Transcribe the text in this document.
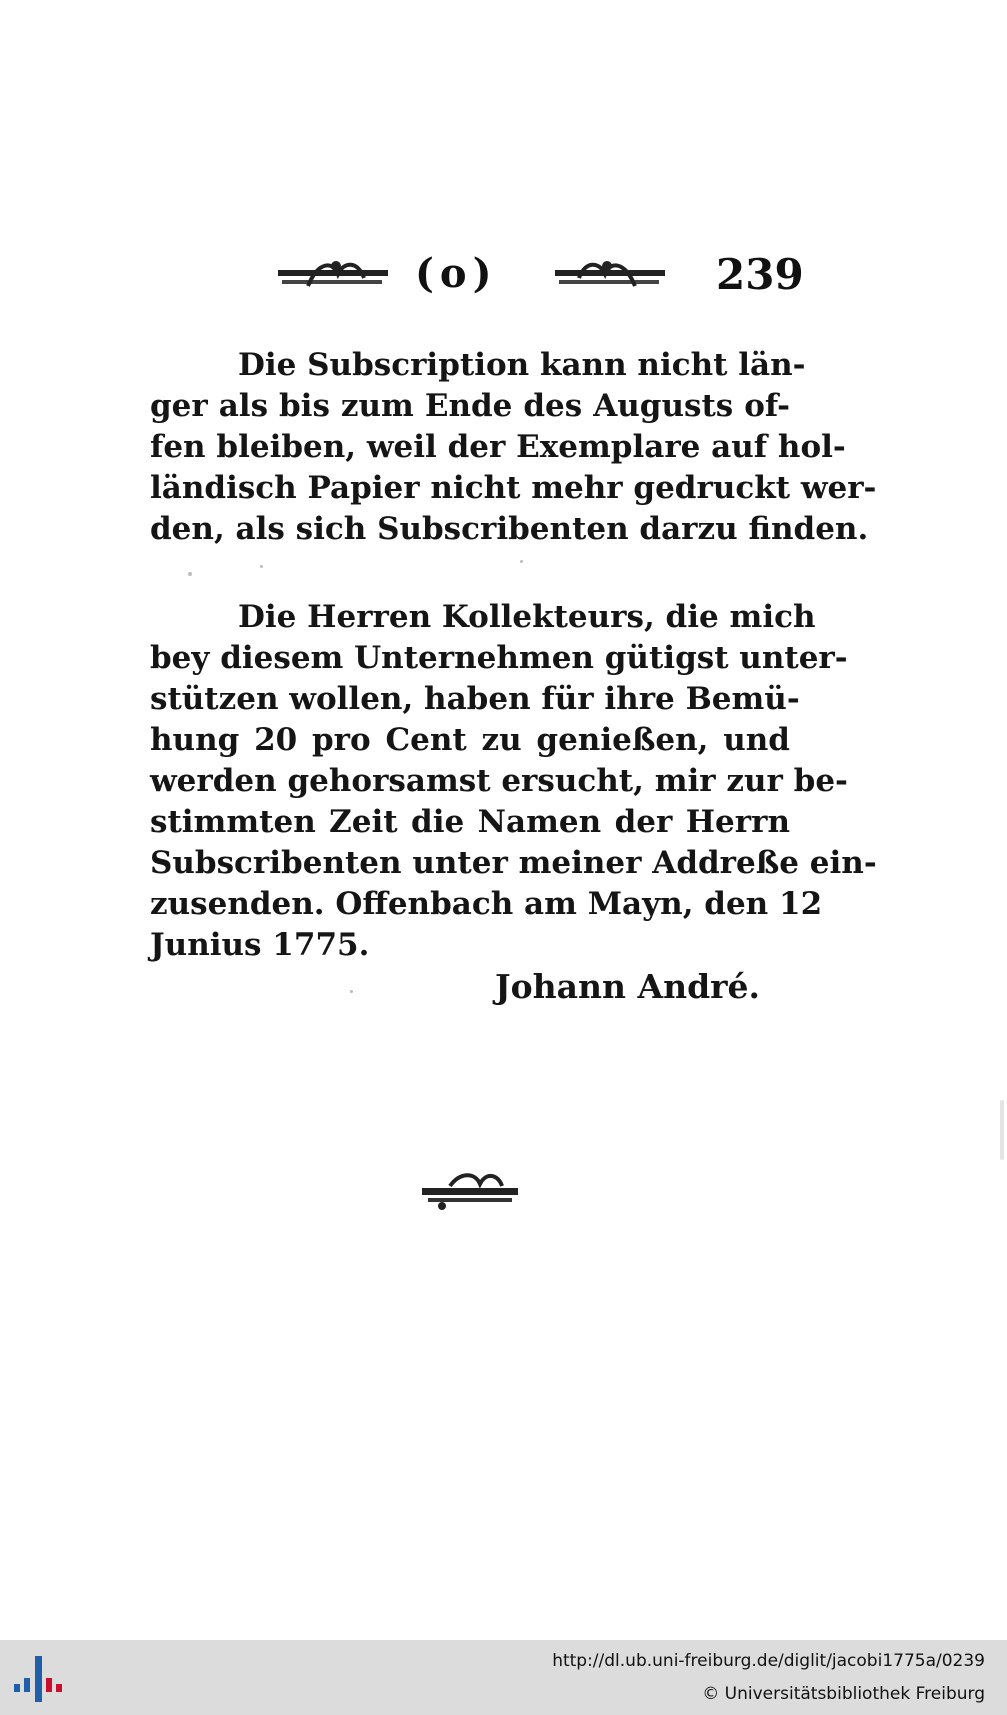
(o)	239
Die Subscription kann nicht län-
ger als bis zum Ende des Augusts of-
fen bleiben, weil der Exemplare auf hol-
ländisch Papier nicht mehr gedruckt wer-
den, als sich Subscribenten darzu finden.
Die Herren Kollekteurs, die mich
bey diesem Unternehmen gütigst unter-
stützen wollen, haben für ihre Bemü-
hung 20 pro Cent zu genießen, und
werden gehorsamst ersucht, mir zur be-
stimmten Zeit die Namen der Herrn
Subscribenten unter meiner Addreße ein-
zusenden. Offenbach am Mayn, den 12
Junius 1775.
Johann André.
http://dl.ub.uni-freiburg.de/diglit/jacobi1775a/0239
© Universitätsbibliothek Freiburg
